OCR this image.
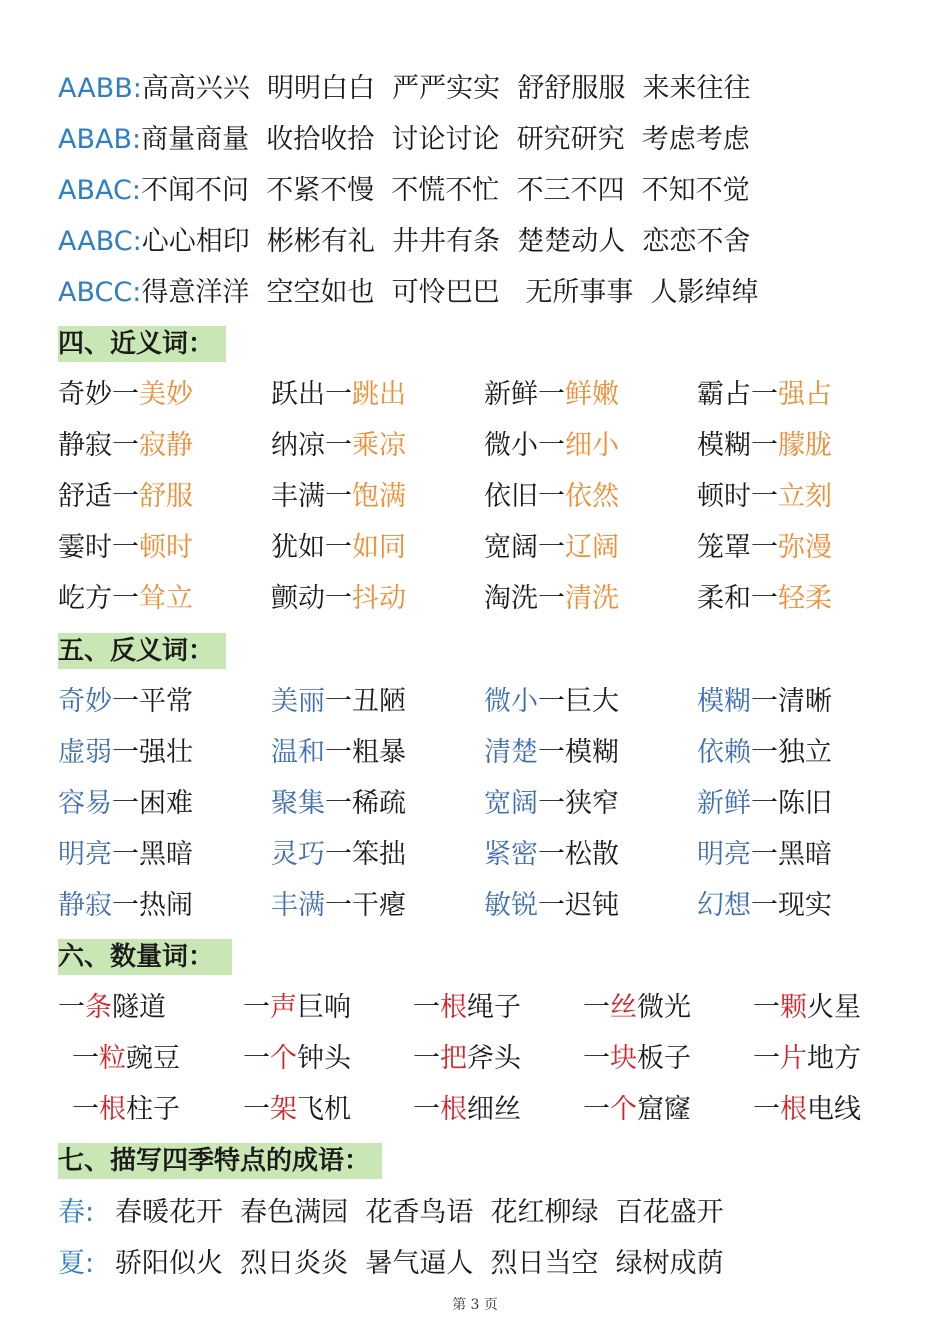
AABB:高高兴兴  明明白白  严严实实  舒舒服服  来来往往
ABAB:商量商量  收拾收拾  讨论讨论  研究研究  考虑考虑
ABAC:不闻不问  不紧不慢  不慌不忙  不三不四  不知不觉
AABC:心心相印  彬彬有礼  井井有条  楚楚动人  恋恋不舍
ABCC:得意洋洋  空空如也  可怜巴巴   无所事事  人影绰绰
四、近义词：
奇妙一美妙	跃出一跳出	新鲜一鲜嫩	霸占一强占
静寂一寂静	纳凉一乘凉	微小一细小	模糊一朦胧
舒适一舒服	丰满一饱满	依旧一依然	顿时一立刻
霎时一顿时	犹如一如同	宽阔一辽阔	笼罩一弥漫
屹方一耸立	颤动一抖动	淘洗一清洗	柔和一轻柔
五、反义词：
奇妙一平常	美丽一丑陋	微小一巨大	模糊一清晰
虚弱一强壮	温和一粗暴	清楚一模糊	依赖一独立
容易一困难	聚集一稀疏	宽阔一狭窄	新鲜一陈旧
明亮一黑暗	灵巧一笨拙	紧密一松散	明亮一黑暗
静寂一热闹	丰满一干瘪	敏锐一迟钝	幻想一现实
六、数量词：
一条隧道	一声巨响 一根绳子 一丝微光 一颗火星
一粒豌豆 一个钟头 一把斧头 一块板子 一片地方
一根柱子 一架飞机 一根细丝 一个窟窿 一根电线
七、描写四季特点的成语：
春: 春暖花开  春色满园  花香鸟语  花红柳绿  百花盛开
夏: 骄阳似火  烈日炎炎  暑气逼人  烈日当空  绿树成荫
第 3 页
